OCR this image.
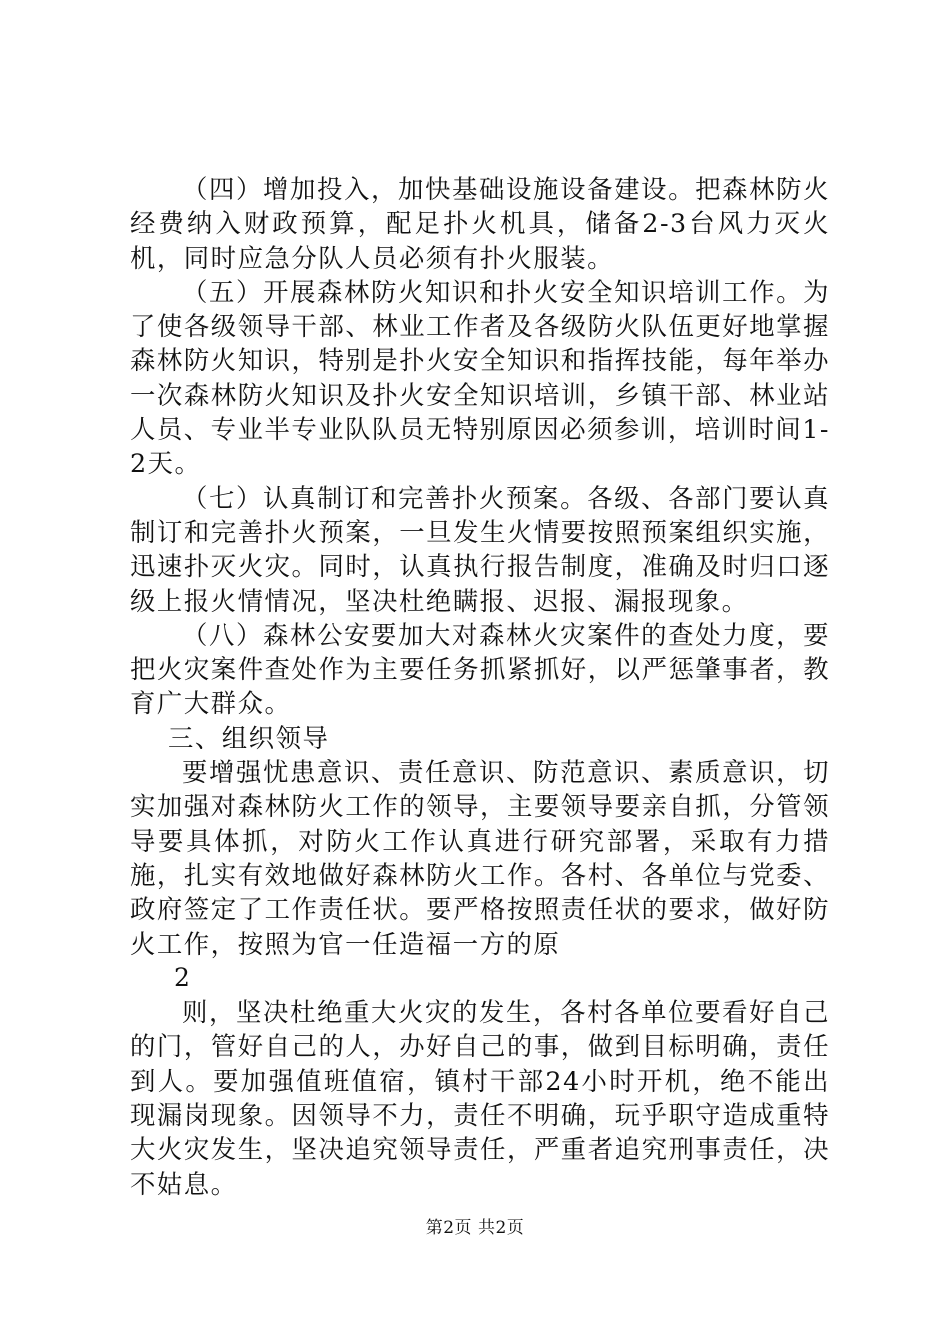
（四）增加投入，加快基础设施设备建设。把森林防火经费纳入财政预算，配足扑火机具，储备2-3台风力灭火机，同时应急分队人员必须有扑火服装。

（五）开展森林防火知识和扑火安全知识培训工作。为了使各级领导干部、林业工作者及各级防火队伍更好地掌握森林防火知识，特别是扑火安全知识和指挥技能，每年举办一次森林防火知识及扑火安全知识培训，乡镇干部、林业站人员、专业半专业队队员无特别原因必须参训，培训时间1-2天。

（七）认真制订和完善扑火预案。各级、各部门要认真制订和完善扑火预案，一旦发生火情要按照预案组织实施，迅速扑灭火灾。同时，认真执行报告制度，准确及时归口逐级上报火情情况，坚决杜绝瞒报、迟报、漏报现象。

（八）森林公安要加大对森林火灾案件的查处力度，要把火灾案件查处作为主要任务抓紧抓好，以严惩肇事者，教育广大群众。

三、组织领导

要增强忧患意识、责任意识、防范意识、素质意识，切实加强对森林防火工作的领导，主要领导要亲自抓，分管领导要具体抓，对防火工作认真进行研究部署，采取有力措施，扎实有效地做好森林防火工作。各村、各单位与党委、政府签定了工作责任状。要严格按照责任状的要求，做好防火工作，按照为官一任造福一方的原

2

则，坚决杜绝重大火灾的发生，各村各单位要看好自己的门，管好自己的人，办好自己的事，做到目标明确，责任到人。要加强值班值宿，镇村干部24小时开机，绝不能出现漏岗现象。因领导不力，责任不明确，玩乎职守造成重特大火灾发生，坚决追究领导责任，严重者追究刑事责任，决不姑息。

第2页 共2页
